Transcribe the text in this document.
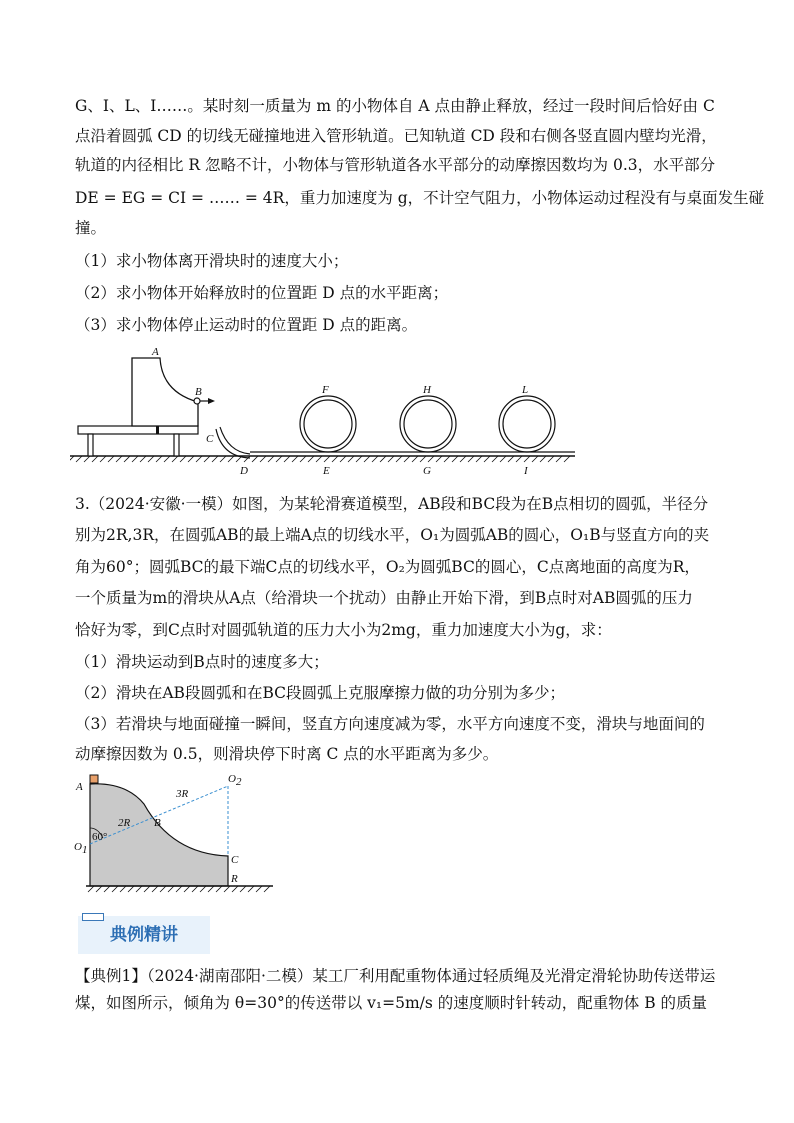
G、I、L、I……。某时刻一质量为 m 的小物体自 A 点由静止释放，经过一段时间后恰好由 C
点沿着圆弧 CD 的切线无碰撞地进入管形轨道。已知轨道 CD 段和右侧各竖直圆内壁均光滑，
轨道的内径相比 R 忽略不计，小物体与管形轨道各水平部分的动摩擦因数均为 0.3，水平部分
DE = EG = CI = …… = 4R，重力加速度为 g，不计空气阻力，小物体运动过程没有与桌面发生碰
撞。
（1）求小物体离开滑块时的速度大小；
（2）求小物体开始释放时的位置距 D 点的水平距离；
（3）求小物体停止运动时的位置距 D 点的距离。
A
B
C
D
F
E
H
G
L
I
3.（2024·安徽·一模）如图，为某轮滑赛道模型，AB段和BC段为在B点相切的圆弧，半径分
别为2R,3R，在圆弧AB的最上端A点的切线水平，O₁为圆弧AB的圆心，O₁B与竖直方向的夹
角为60°；圆弧BC的最下端C点的切线水平，O₂为圆弧BC的圆心，C点离地面的高度为R，
一个质量为m的滑块从A点（给滑块一个扰动）由静止开始下滑，到B点时对AB圆弧的压力
恰好为零，到C点时对圆弧轨道的压力大小为2mg，重力加速度大小为g，求：
（1）滑块运动到B点时的速度多大；
（2）滑块在AB段圆弧和在BC段圆弧上克服摩擦力做的功分别为多少；
（3）若滑块与地面碰撞一瞬间，竖直方向速度减为零，水平方向速度不变，滑块与地面间的
动摩擦因数为 0.5，则滑块停下时离 C 点的水平距离为多少。
A
B
C
R
2R
3R
60°
O1
O2
典例精讲
【典例1】（2024·湖南邵阳·二模）某工厂利用配重物体通过轻质绳及光滑定滑轮协助传送带运
煤，如图所示，倾角为 θ=30°的传送带以 v₁=5m/s 的速度顺时针转动，配重物体 B 的质量
